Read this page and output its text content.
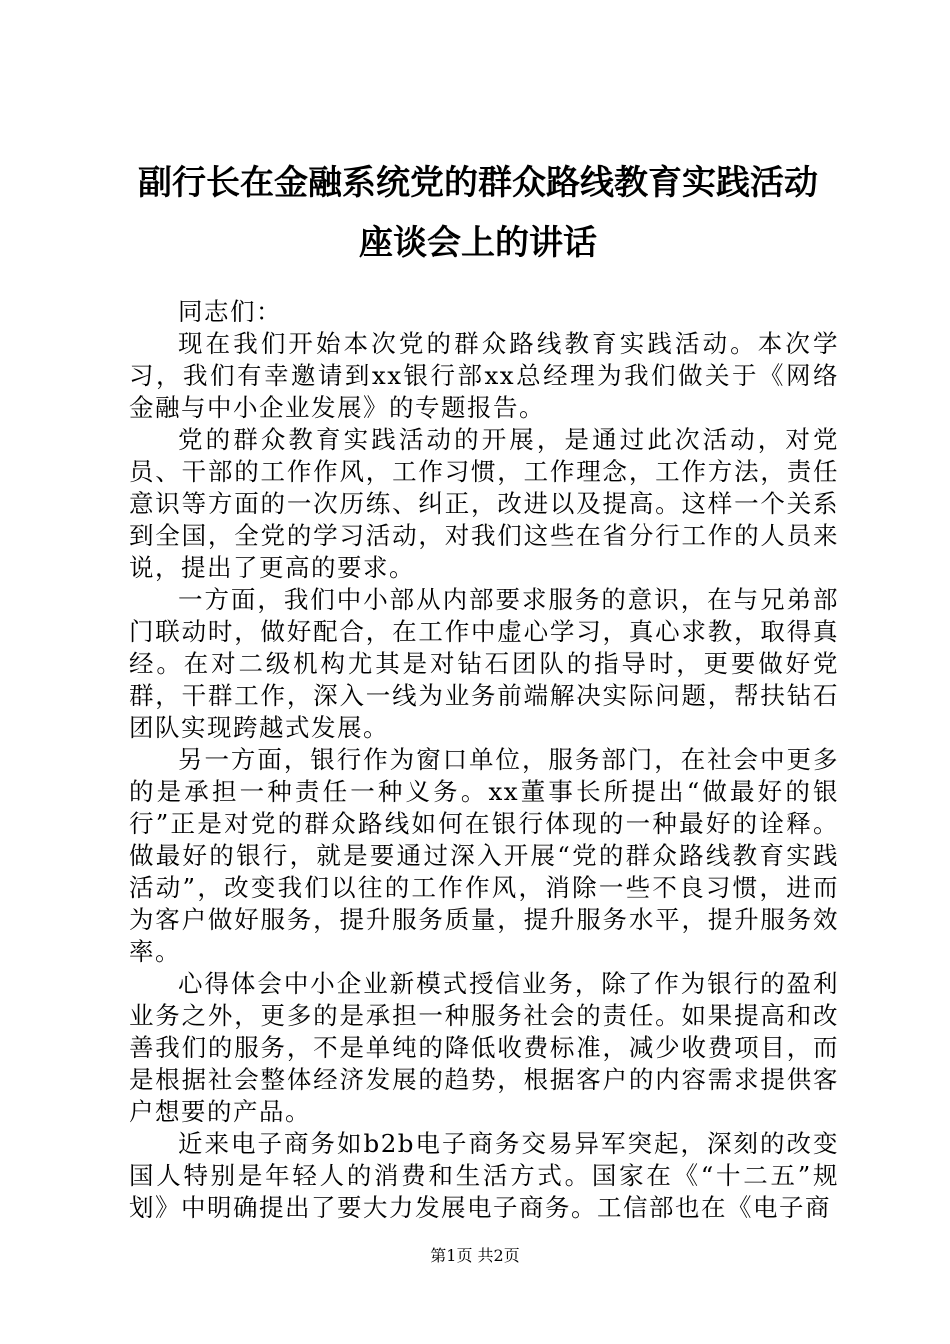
副行长在金融系统党的群众路线教育实践活动
座谈会上的讲话

同志们：

现在我们开始本次党的群众路线教育实践活动。本次学习，我们有幸邀请到xx银行部xx总经理为我们做关于《网络金融与中小企业发展》的专题报告。

党的群众教育实践活动的开展，是通过此次活动，对党员、干部的工作作风，工作习惯，工作理念，工作方法，责任意识等方面的一次历练、纠正，改进以及提高。这样一个关系到全国，全党的学习活动，对我们这些在省分行工作的人员来说，提出了更高的要求。

一方面，我们中小部从内部要求服务的意识，在与兄弟部门联动时，做好配合，在工作中虚心学习，真心求教，取得真经。在对二级机构尤其是对钻石团队的指导时，更要做好党群，干群工作，深入一线为业务前端解决实际问题，帮扶钻石团队实现跨越式发展。

另一方面，银行作为窗口单位，服务部门，在社会中更多的是承担一种责任一种义务。xx董事长所提出“做最好的银行”正是对党的群众路线如何在银行体现的一种最好的诠释。做最好的银行，就是要通过深入开展“党的群众路线教育实践活动”，改变我们以往的工作作风，消除一些不良习惯，进而为客户做好服务，提升服务质量，提升服务水平，提升服务效率。

心得体会中小企业新模式授信业务，除了作为银行的盈利业务之外，更多的是承担一种服务社会的责任。如果提高和改善我们的服务，不是单纯的降低收费标准，减少收费项目，而是根据社会整体经济发展的趋势，根据客户的内容需求提供客户想要的产品。

近来电子商务如b2b电子商务交易异军突起，深刻的改变国人特别是年轻人的消费和生活方式。国家在《“十二五”规划》中明确提出了要大力发展电子商务。工信部也在《电子商

第1页 共2页
